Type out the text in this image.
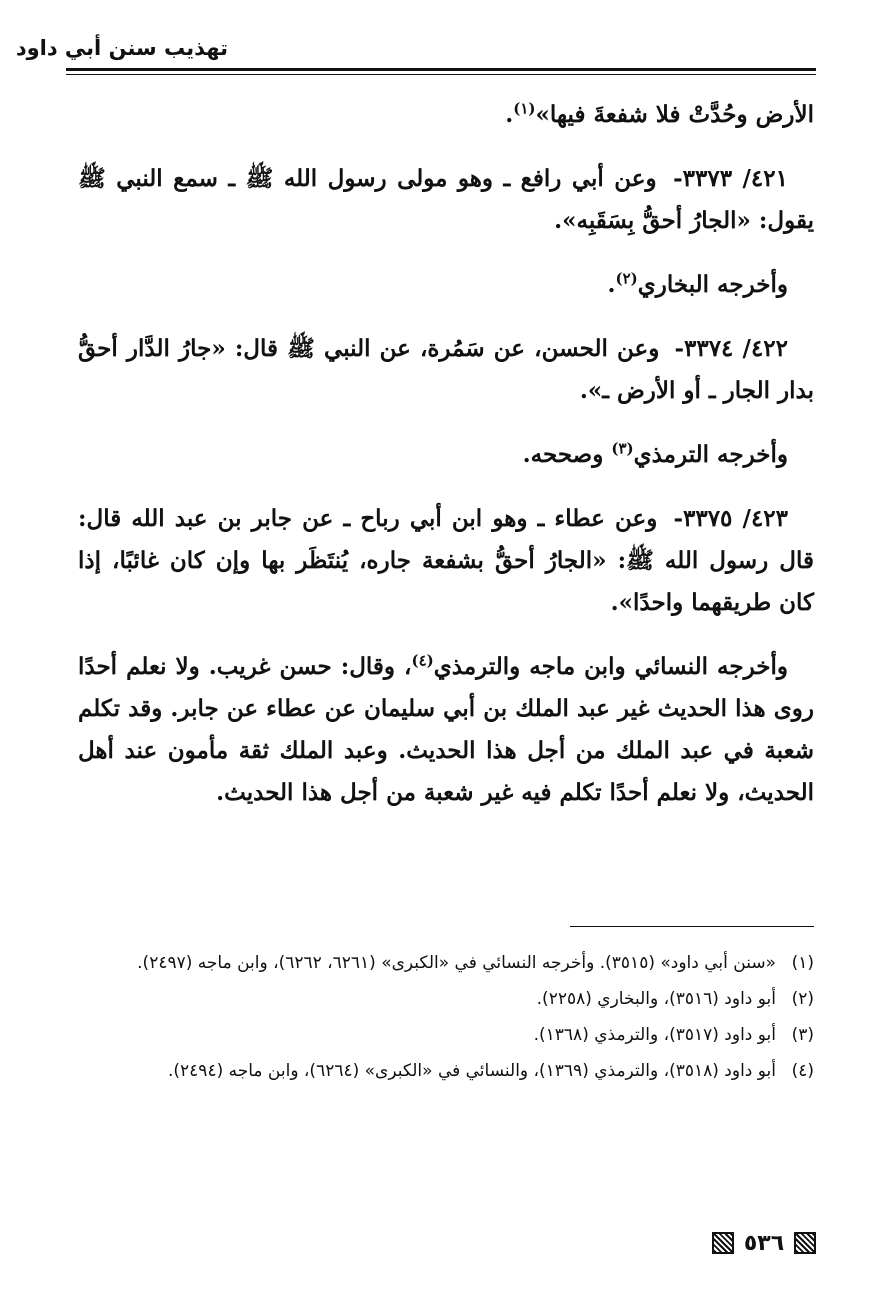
تهذيب سنن أبي داود

الأرض وحُدَّتْ فلا شفعةَ فيها»$^{(١)}$.

٤٢١/ ٣٣٧٣- وعن أبي رافع ـ وهو مولى رسول الله ﷺ ـ سمع النبي ﷺ يقول: «الجارُ أحقُّ بِسَقَبِه».

وأخرجه البخاري$^{(٢)}$.

٤٢٢/ ٣٣٧٤- وعن الحسن، عن سَمُرة، عن النبي ﷺ قال: «جارُ الدَّار أحقُّ بدار الجار ـ أو الأرض ـ».

وأخرجه الترمذي$^{(٣)}$ وصححه.

٤٢٣/ ٣٣٧٥- وعن عطاء ـ وهو ابن أبي رباح ـ عن جابر بن عبد الله قال: قال رسول الله ﷺ: «الجارُ أحقُّ بشفعة جاره، يُنتَظَر بها وإن كان غائبًا، إذا كان طريقهما واحدًا».

وأخرجه النسائي وابن ماجه والترمذي$^{(٤)}$، وقال: حسن غريب. ولا نعلم أحدًا روى هذا الحديث غير عبد الملك بن أبي سليمان عن عطاء عن جابر. وقد تكلم شعبة في عبد الملك من أجل هذا الحديث. وعبد الملك ثقة مأمون عند أهل الحديث، ولا نعلم أحدًا تكلم فيه غير شعبة من أجل هذا الحديث.

(١)
«سنن أبي داود» (٣٥١٥). وأخرجه النسائي في «الكبرى» (٦٢٦١، ٦٢٦٢)، وابن ماجه (٢٤٩٧).
(٢)
أبو داود (٣٥١٦)، والبخاري (٢٢٥٨).
(٣)
أبو داود (٣٥١٧)، والترمذي (١٣٦٨).
(٤)
أبو داود (٣٥١٨)، والترمذي (١٣٦٩)، والنسائي في «الكبرى» (٦٢٦٤)، وابن ماجه (٢٤٩٤).
٥٣٦
